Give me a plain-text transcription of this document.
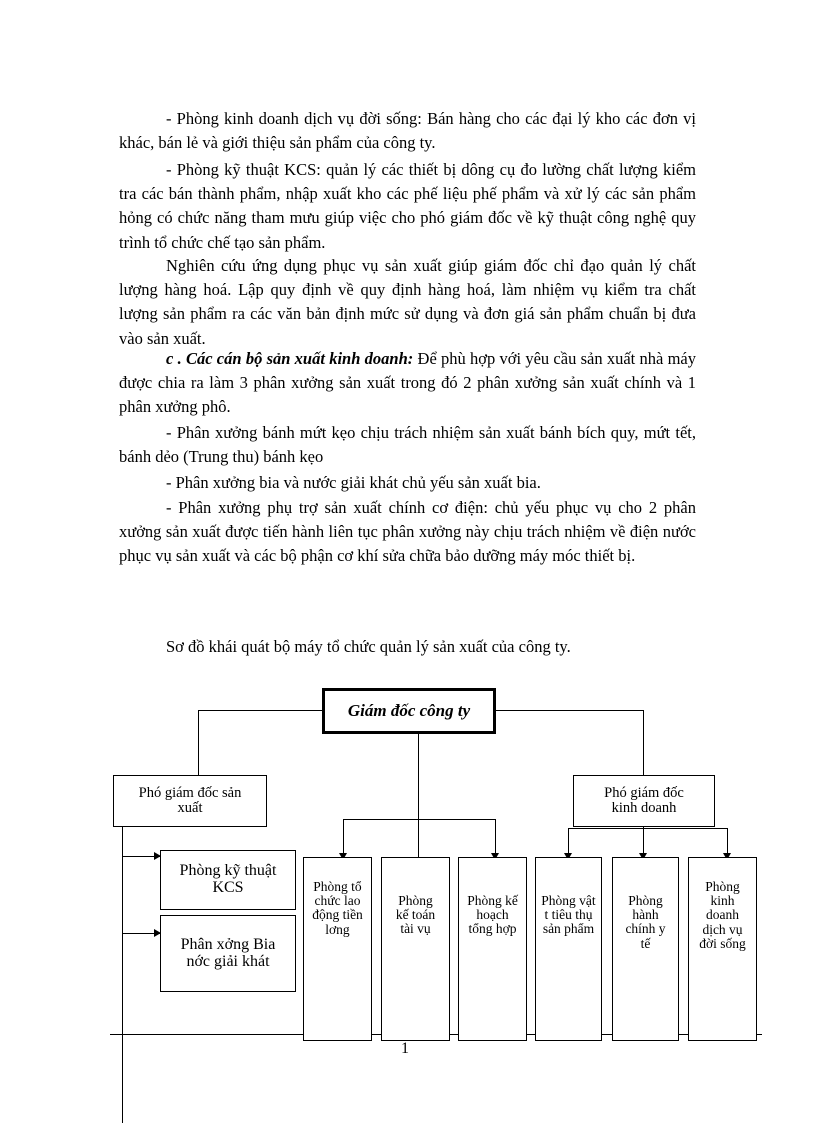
- Phòng kinh doanh dịch vụ đời sống: Bán hàng cho các đại lý kho các đơn vị khác, bán lẻ và giới thiệu sản phẩm của công ty.

- Phòng kỹ thuật KCS: quản lý các thiết bị dông cụ đo lường chất lượng kiểm tra các bán thành phẩm, nhập xuất kho các phế liệu phế phẩm và xử lý các sản phẩm hỏng có chức năng tham mưu giúp việc cho phó giám đốc về kỹ thuật công nghệ quy trình tổ chức chế tạo sản phẩm.

Nghiên cứu ứng dụng phục vụ sản xuất giúp giám đốc chỉ đạo quản lý chất lượng hàng hoá. Lập quy định về quy định hàng hoá, làm nhiệm vụ kiểm tra chất lượng sản phẩm ra các văn bản định mức sử dụng và đơn giá sản phẩm chuẩn bị đưa vào sản xuất.

c . Các cán bộ sản xuất kinh doanh: Để phù hợp với yêu cầu sản xuất nhà máy được chia ra làm 3 phân xưởng sản xuất trong đó 2 phân xưởng sản xuất chính và 1 phân xưởng phô.

- Phân xưởng bánh mứt kẹo chịu trách nhiệm sản xuất bánh bích quy, mứt tết, bánh dẻo (Trung thu) bánh kẹo

- Phân xưởng bia và nước giải khát chủ yếu sản xuất bia.

- Phân xưởng phụ trợ sản xuất chính cơ điện: chủ yếu phục vụ cho 2 phân xưởng sản xuất được tiến hành liên tục phân xưởng này chịu trách nhiệm về điện nước phục vụ sản xuất và các bộ phận cơ khí sửa chữa bảo dưỡng máy móc thiết bị.

Sơ đồ khái quát bộ máy tổ chức quản lý sản xuất của công ty.

Giám đốc công ty
Phó giám đốc sản xuất
Phó giám đốc kinh doanh
Phòng kỹ thuật KCS
Phân xởng Bia nớc giải khát
Phòng tổ chức lao động tiền lơng
Phòng kế toán tài vụ
Phòng kế hoạch tổng hợp
Phòng vật t tiêu thụ sản phẩm
Phòng hành chính y tế
Phòng kinh doanh dịch vụ đời sống
1
